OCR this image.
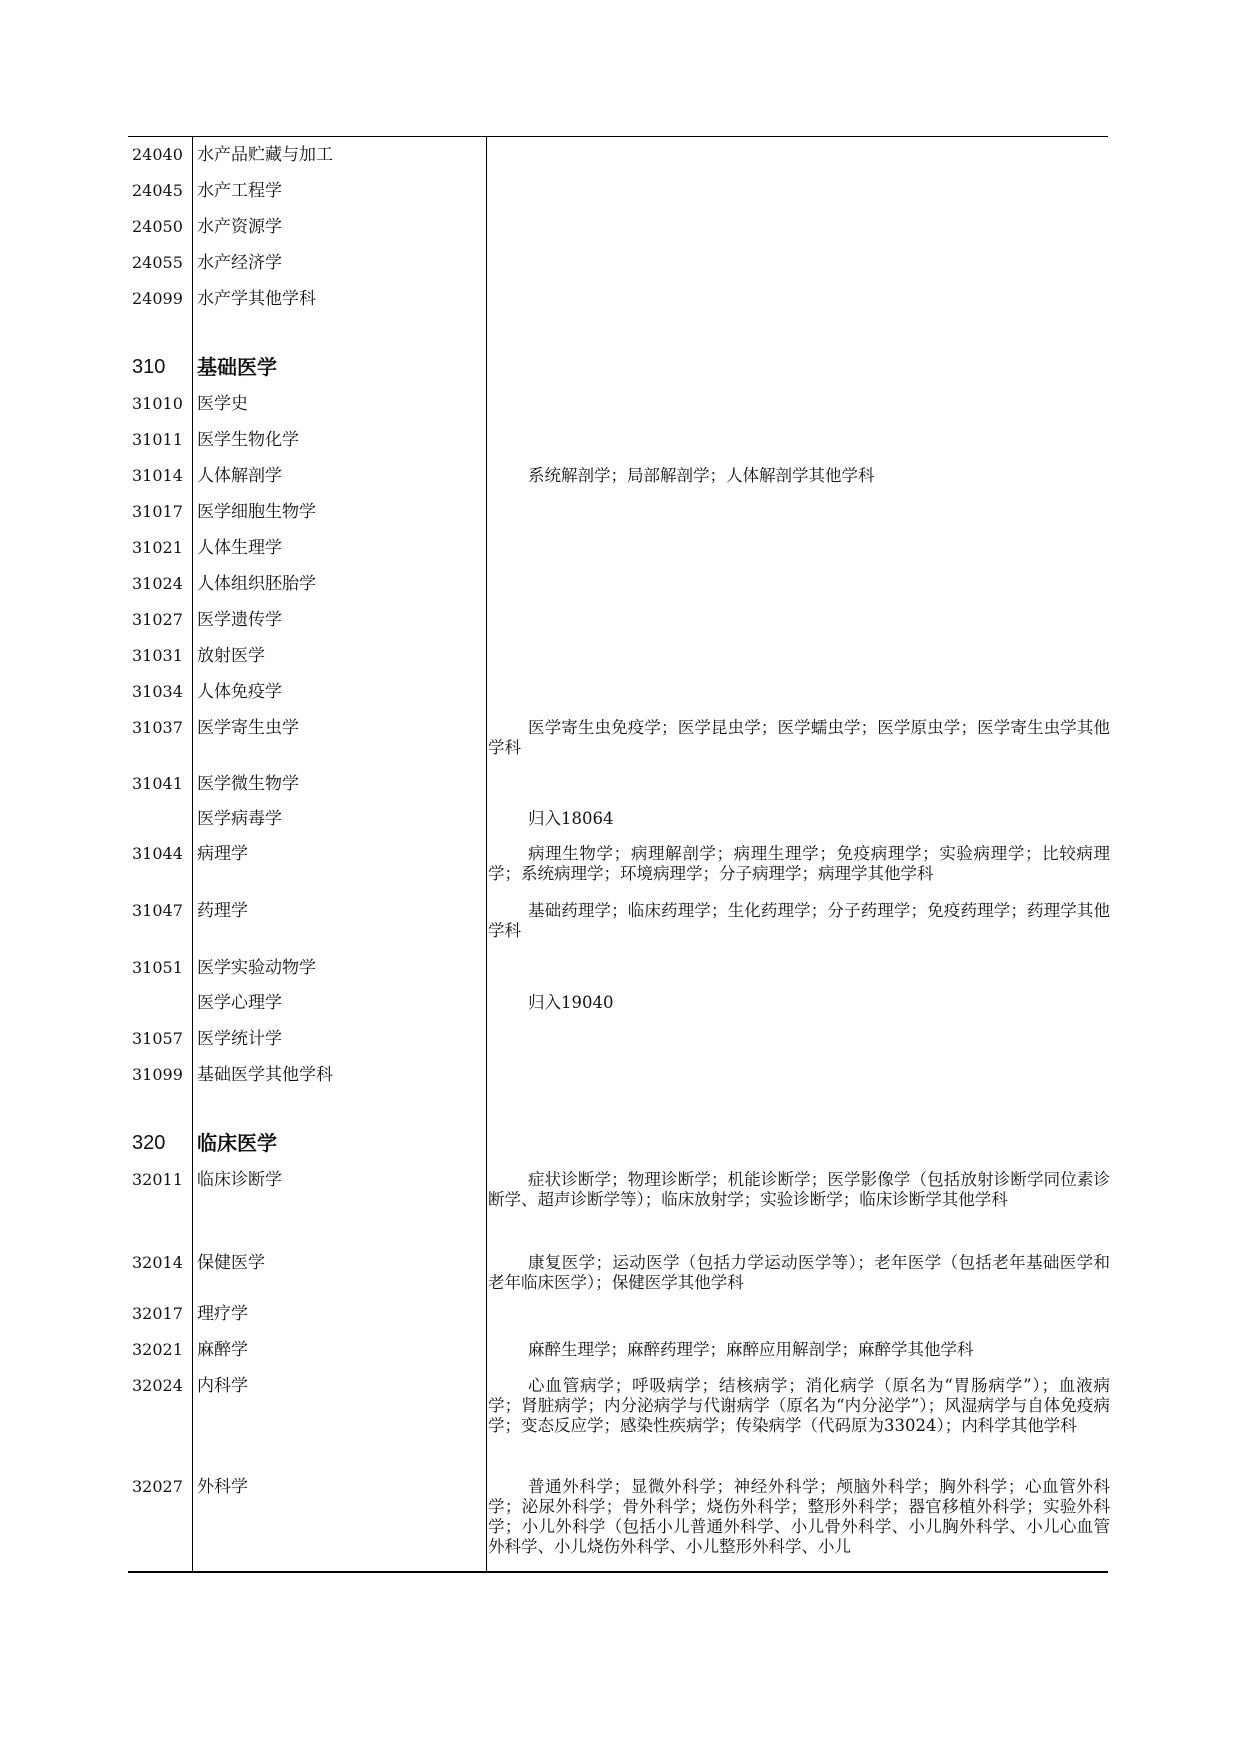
24040 水产品贮藏与加工
24045 水产工程学
24050 水产资源学
24055 水产经济学
24099 水产学其他学科
310 基础医学
31010 医学史
31011 医学生物化学
31014 人体解剖学	系统解剖学；局部解剖学；人体解剖学其他学科
31017 医学细胞生物学
31021 人体生理学
31024 人体组织胚胎学
31027 医学遗传学
31031 放射医学
31034 人体免疫学
31037 医学寄生虫学	医学寄生虫免疫学；医学昆虫学；医学蠕虫学；医学原虫学；医学寄生虫学其他学科
31041 医学微生物学
医学病毒学	归入18064
31044 病理学	病理生物学；病理解剖学；病理生理学；免疫病理学；实验病理学；比较病理学；系统病理学；环境病理学；分子病理学；病理学其他学科
31047 药理学	基础药理学；临床药理学；生化药理学；分子药理学；免疫药理学；药理学其他学科
31051 医学实验动物学
医学心理学	归入19040
31057 医学统计学
31099 基础医学其他学科
320 临床医学
32011 临床诊断学	症状诊断学；物理诊断学；机能诊断学；医学影像学（包括放射诊断学同位素诊断学、超声诊断学等）；临床放射学；实验诊断学；临床诊断学其他学科
32014 保健医学	康复医学；运动医学（包括力学运动医学等）；老年医学（包括老年基础医学和老年临床医学）；保健医学其他学科
32017 理疗学
32021 麻醉学	麻醉生理学；麻醉药理学；麻醉应用解剖学；麻醉学其他学科
32024 内科学	心血管病学；呼吸病学；结核病学；消化病学（原名为“胃肠病学”）；血液病学；肾脏病学；内分泌病学与代谢病学（原名为“内分泌学”）；风湿病学与自体免疫病学；变态反应学；感染性疾病学；传染病学（代码原为33024）；内科学其他学科
32027 外科学	普通外科学；显微外科学；神经外科学；颅脑外科学；胸外科学；心血管外科学；泌尿外科学；骨外科学；烧伤外科学；整形外科学；器官移植外科学；实验外科学；小儿外科学（包括小儿普通外科学、小儿骨外科学、小儿胸外科学、小儿心血管外科学、小儿烧伤外科学、小儿整形外科学、小儿
